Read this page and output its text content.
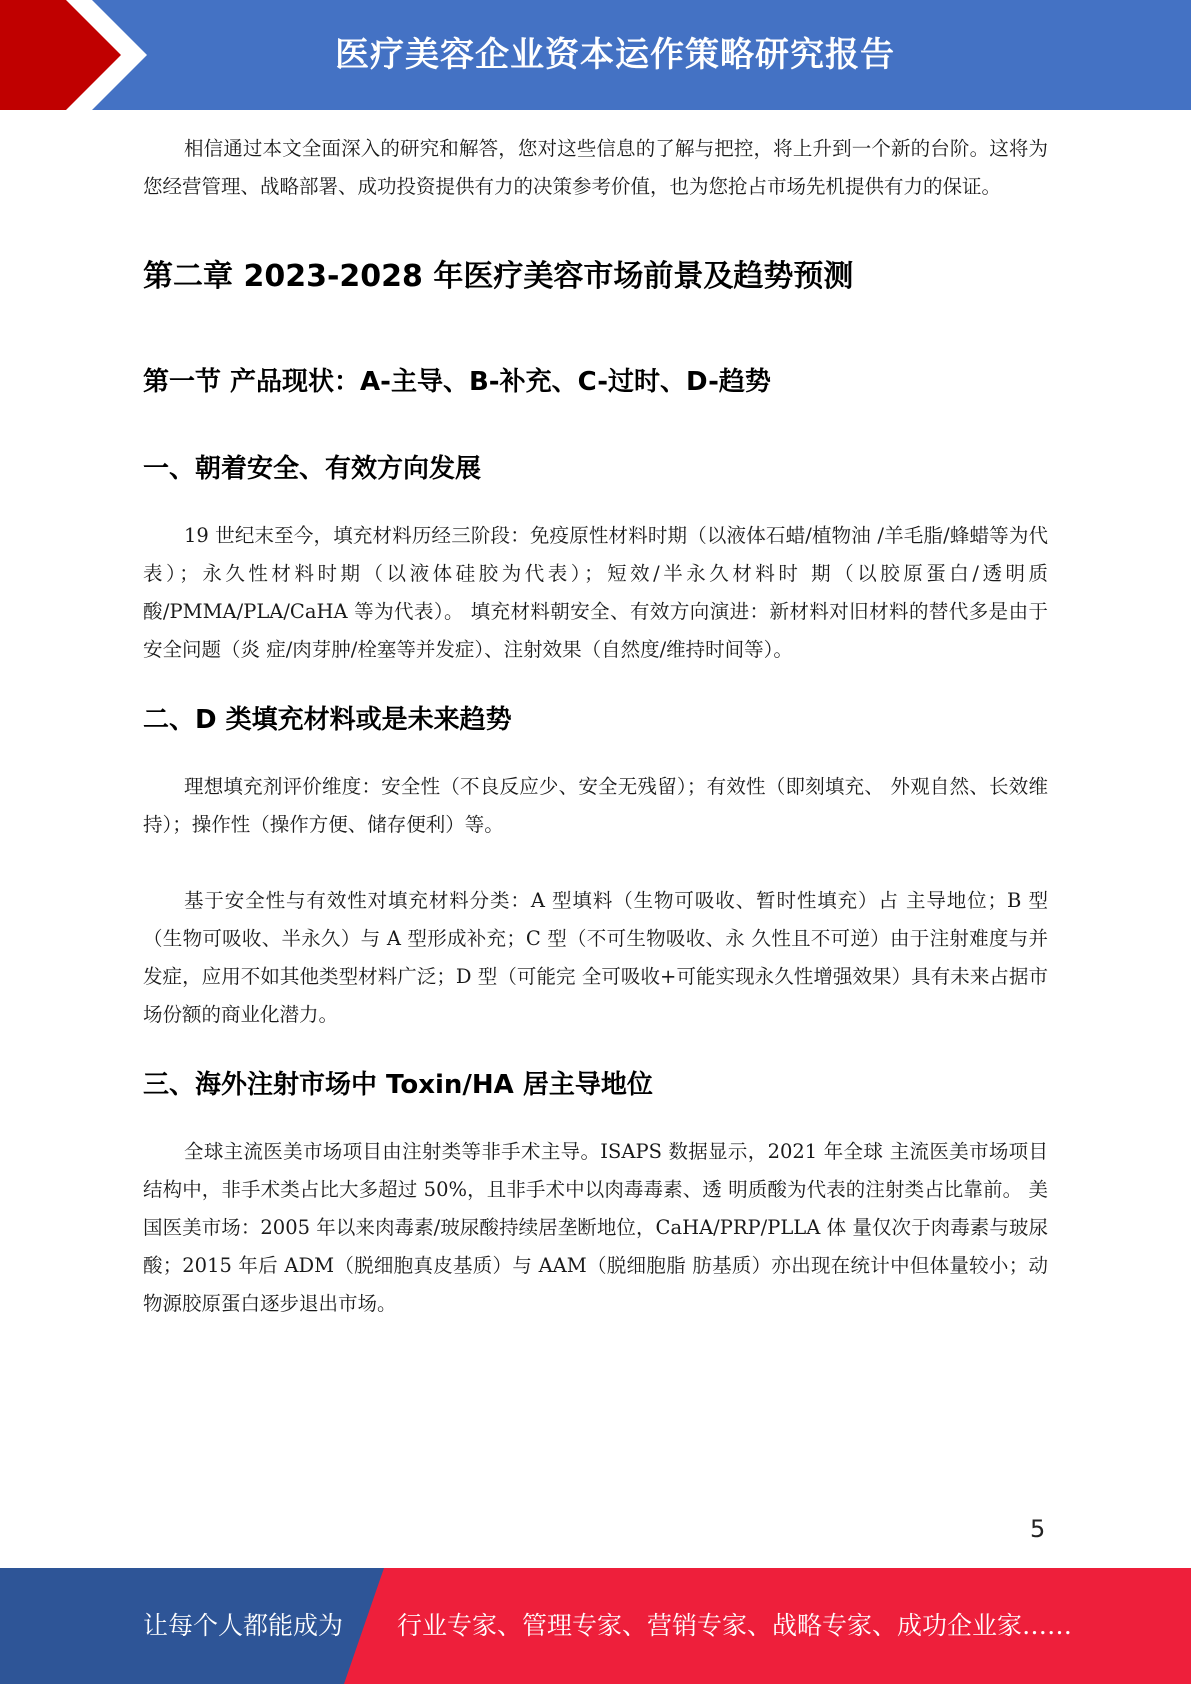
医疗美容企业资本运作策略研究报告

相信通过本文全面深入的研究和解答，您对这些信息的了解与把控，将上升到一个新的台阶。这将为您经营管理、战略部署、成功投资提供有力的决策参考价值，也为您抢占市场先机提供有力的保证。

第二章 2023-2028 年医疗美容市场前景及趋势预测
第一节 产品现状：A-主导、B-补充、C-过时、D-趋势
一、朝着安全、有效方向发展

19 世纪末至今，填充材料历经三阶段：免疫原性材料时期（以液体石蜡/植物油 /羊毛脂/蜂蜡等为代表）；永久性材料时期（以液体硅胶为代表）；短效/半永久材料时 期（以胶原蛋白/透明质酸/PMMA/PLA/CaHA 等为代表）。 填充材料朝安全、有效方向演进：新材料对旧材料的替代多是由于安全问题（炎 症/肉芽肿/栓塞等并发症）、注射效果（自然度/维持时间等）。

二、D 类填充材料或是未来趋势

理想填充剂评价维度：安全性（不良反应少、安全无残留）；有效性（即刻填充、 外观自然、长效维持）；操作性（操作方便、储存便利）等。

基于安全性与有效性对填充材料分类：A 型填料（生物可吸收、暂时性填充）占 主导地位；B 型（生物可吸收、半永久）与 A 型形成补充；C 型（不可生物吸收、永 久性且不可逆）由于注射难度与并发症，应用不如其他类型材料广泛；D 型（可能完 全可吸收+可能实现永久性增强效果）具有未来占据市场份额的商业化潜力。

三、海外注射市场中 Toxin/HA 居主导地位

全球主流医美市场项目由注射类等非手术主导。ISAPS 数据显示，2021 年全球 主流医美市场项目结构中，非手术类占比大多超过 50%，且非手术中以肉毒毒素、透 明质酸为代表的注射类占比靠前。 美国医美市场：2005 年以来肉毒素/玻尿酸持续居垄断地位，CaHA/PRP/PLLA 体 量仅次于肉毒素与玻尿酸；2015 年后 ADM（脱细胞真皮基质）与 AAM（脱细胞脂 肪基质）亦出现在统计中但体量较小；动物源胶原蛋白逐步退出市场。

5
让每个人都能成为 行业专家、管理专家、营销专家、战略专家、成功企业家……
